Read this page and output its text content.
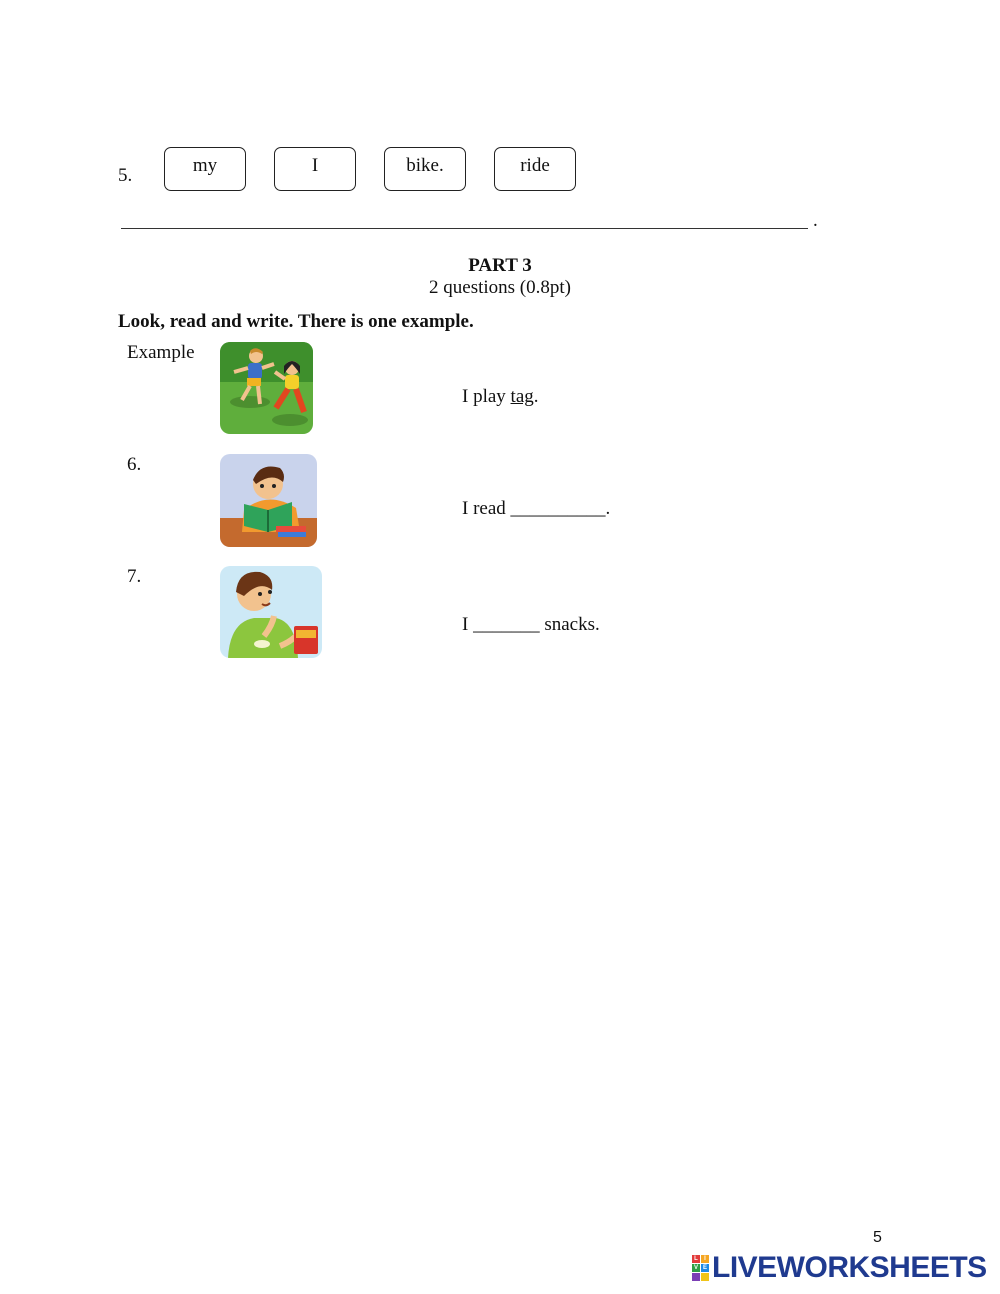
5.	my	I	bike.	ride
.
PART 3
2 questions (0.8pt)
Look, read and write. There is one example.
Example
I play tag.
6.
I read __________.
7.
I _______ snacks.
5
L	I
V E LIVEWORKSHEETS
